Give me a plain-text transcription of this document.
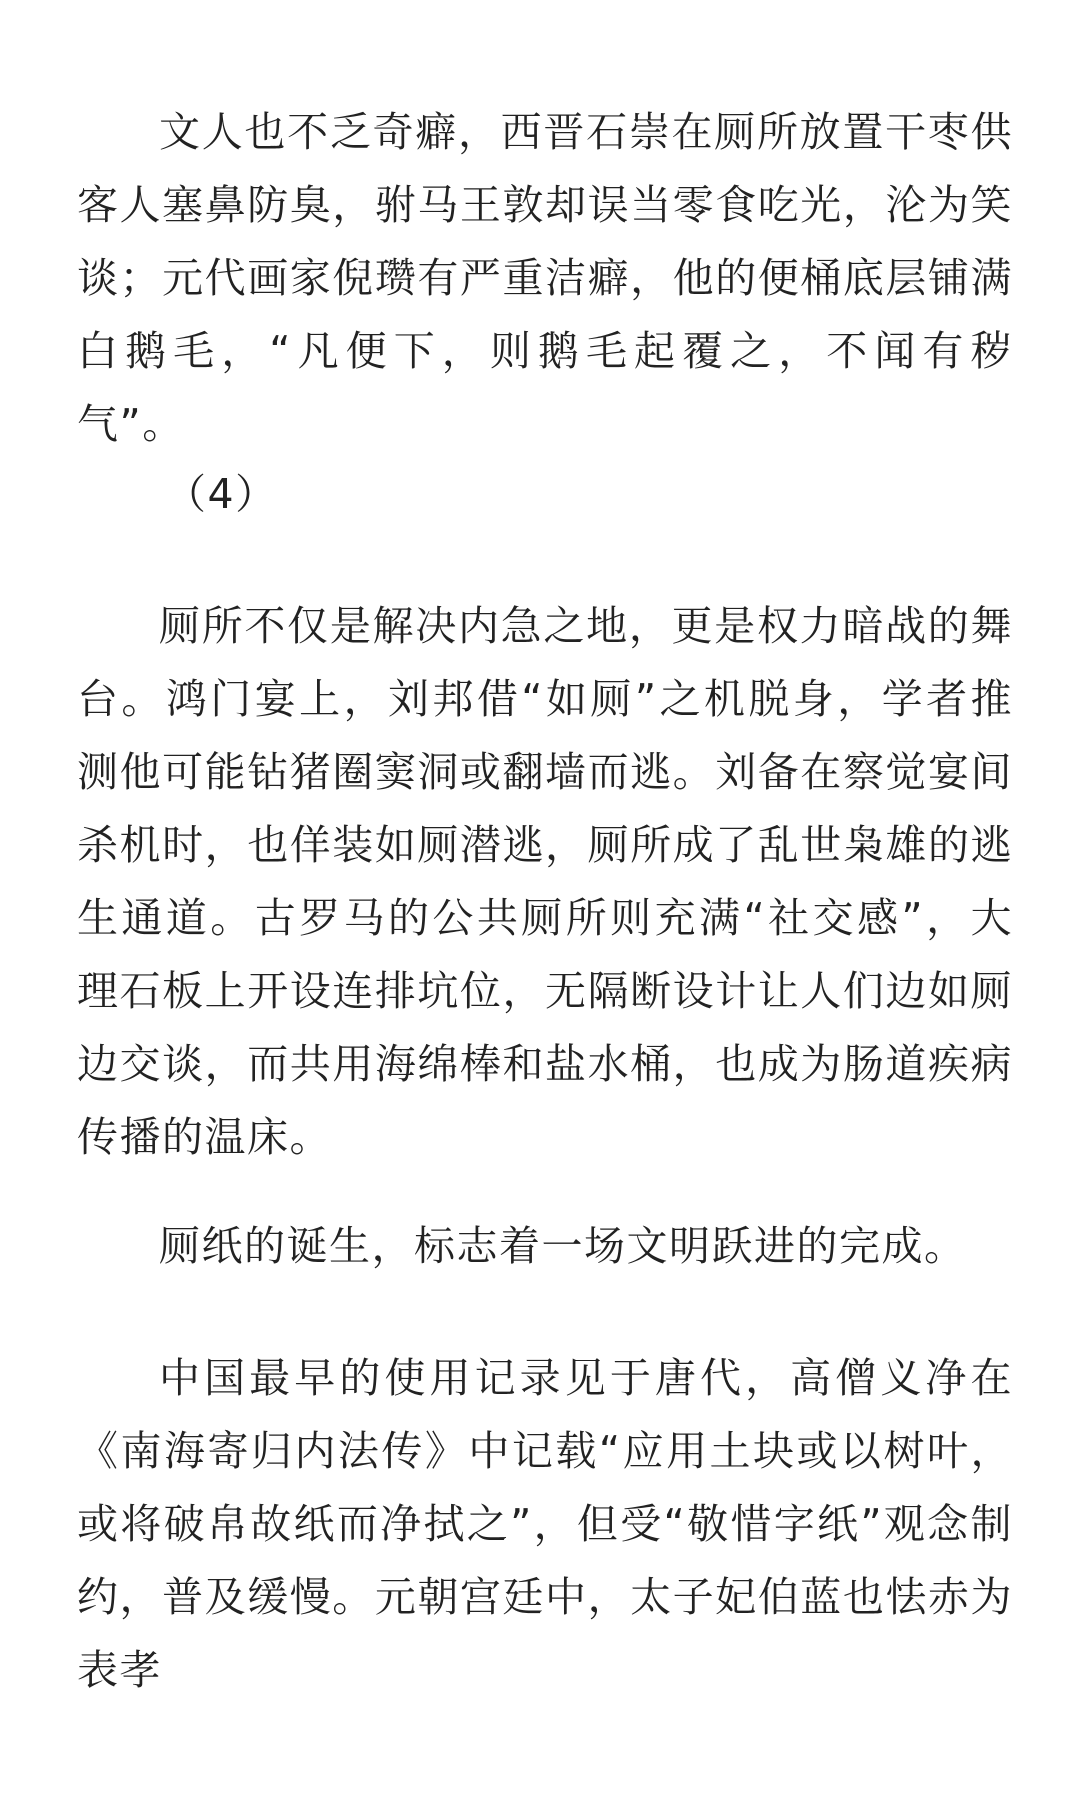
文人也不乏奇癖，西晋石崇在厕所放置干枣供客人塞鼻防臭，驸马王敦却误当零食吃光，沦为笑谈；元代画家倪瓒有严重洁癖，他的便桶底层铺满白鹅毛，“凡便下，则鹅毛起覆之，不闻有秽气”。

（4）

厕所不仅是解决内急之地，更是权力暗战的舞台。鸿门宴上，刘邦借“如厕”之机脱身，学者推测他可能钻猪圈窦洞或翻墙而逃。刘备在察觉宴间杀机时，也佯装如厕潜逃，厕所成了乱世枭雄的逃生通道。古罗马的公共厕所则充满“社交感”，大理石板上开设连排坑位，无隔断设计让人们边如厕边交谈，而共用海绵棒和盐水桶，也成为肠道疾病传播的温床。

厕纸的诞生，标志着一场文明跃进的完成。

中国最早的使用记录见于唐代，高僧义净在《南海寄归内法传》中记载“应用土块或以树叶，或将破帛故纸而净拭之”，但受“敬惜字纸”观念制约，普及缓慢。元朝宫廷中，太子妃伯蓝也怯赤为表孝
